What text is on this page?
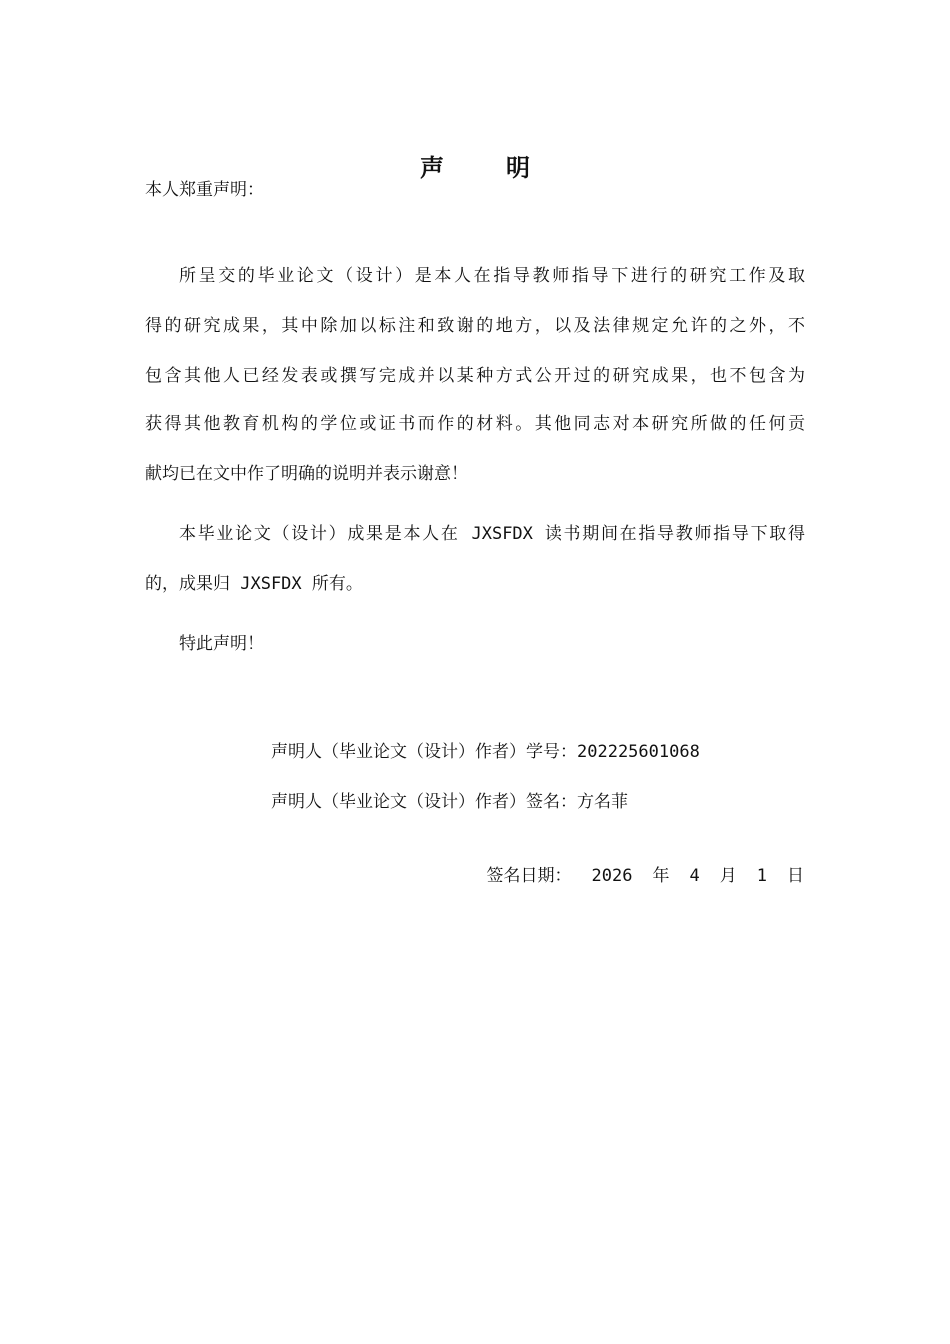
声	明
本人郑重声明：
所呈交的毕业论文（设计）是本人在指导教师指导下进行的研究工作及取
得的研究成果，其中除加以标注和致谢的地方，以及法律规定允许的之外，不
包含其他人已经发表或撰写完成并以某种方式公开过的研究成果，也不包含为
获得其他教育机构的学位或证书而作的材料。其他同志对本研究所做的任何贡
献均已在文中作了明确的说明并表示谢意！
本毕业论文（设计）成果是本人在 JXSFDX 读书期间在指导教师指导下取得
的，成果归 JXSFDX 所有。
特此声明！
声明人（毕业论文（设计）作者）学号：202225601068
声明人（毕业论文（设计）作者）签名：方名菲
签名日期： 2026 年 4 月 1 日
